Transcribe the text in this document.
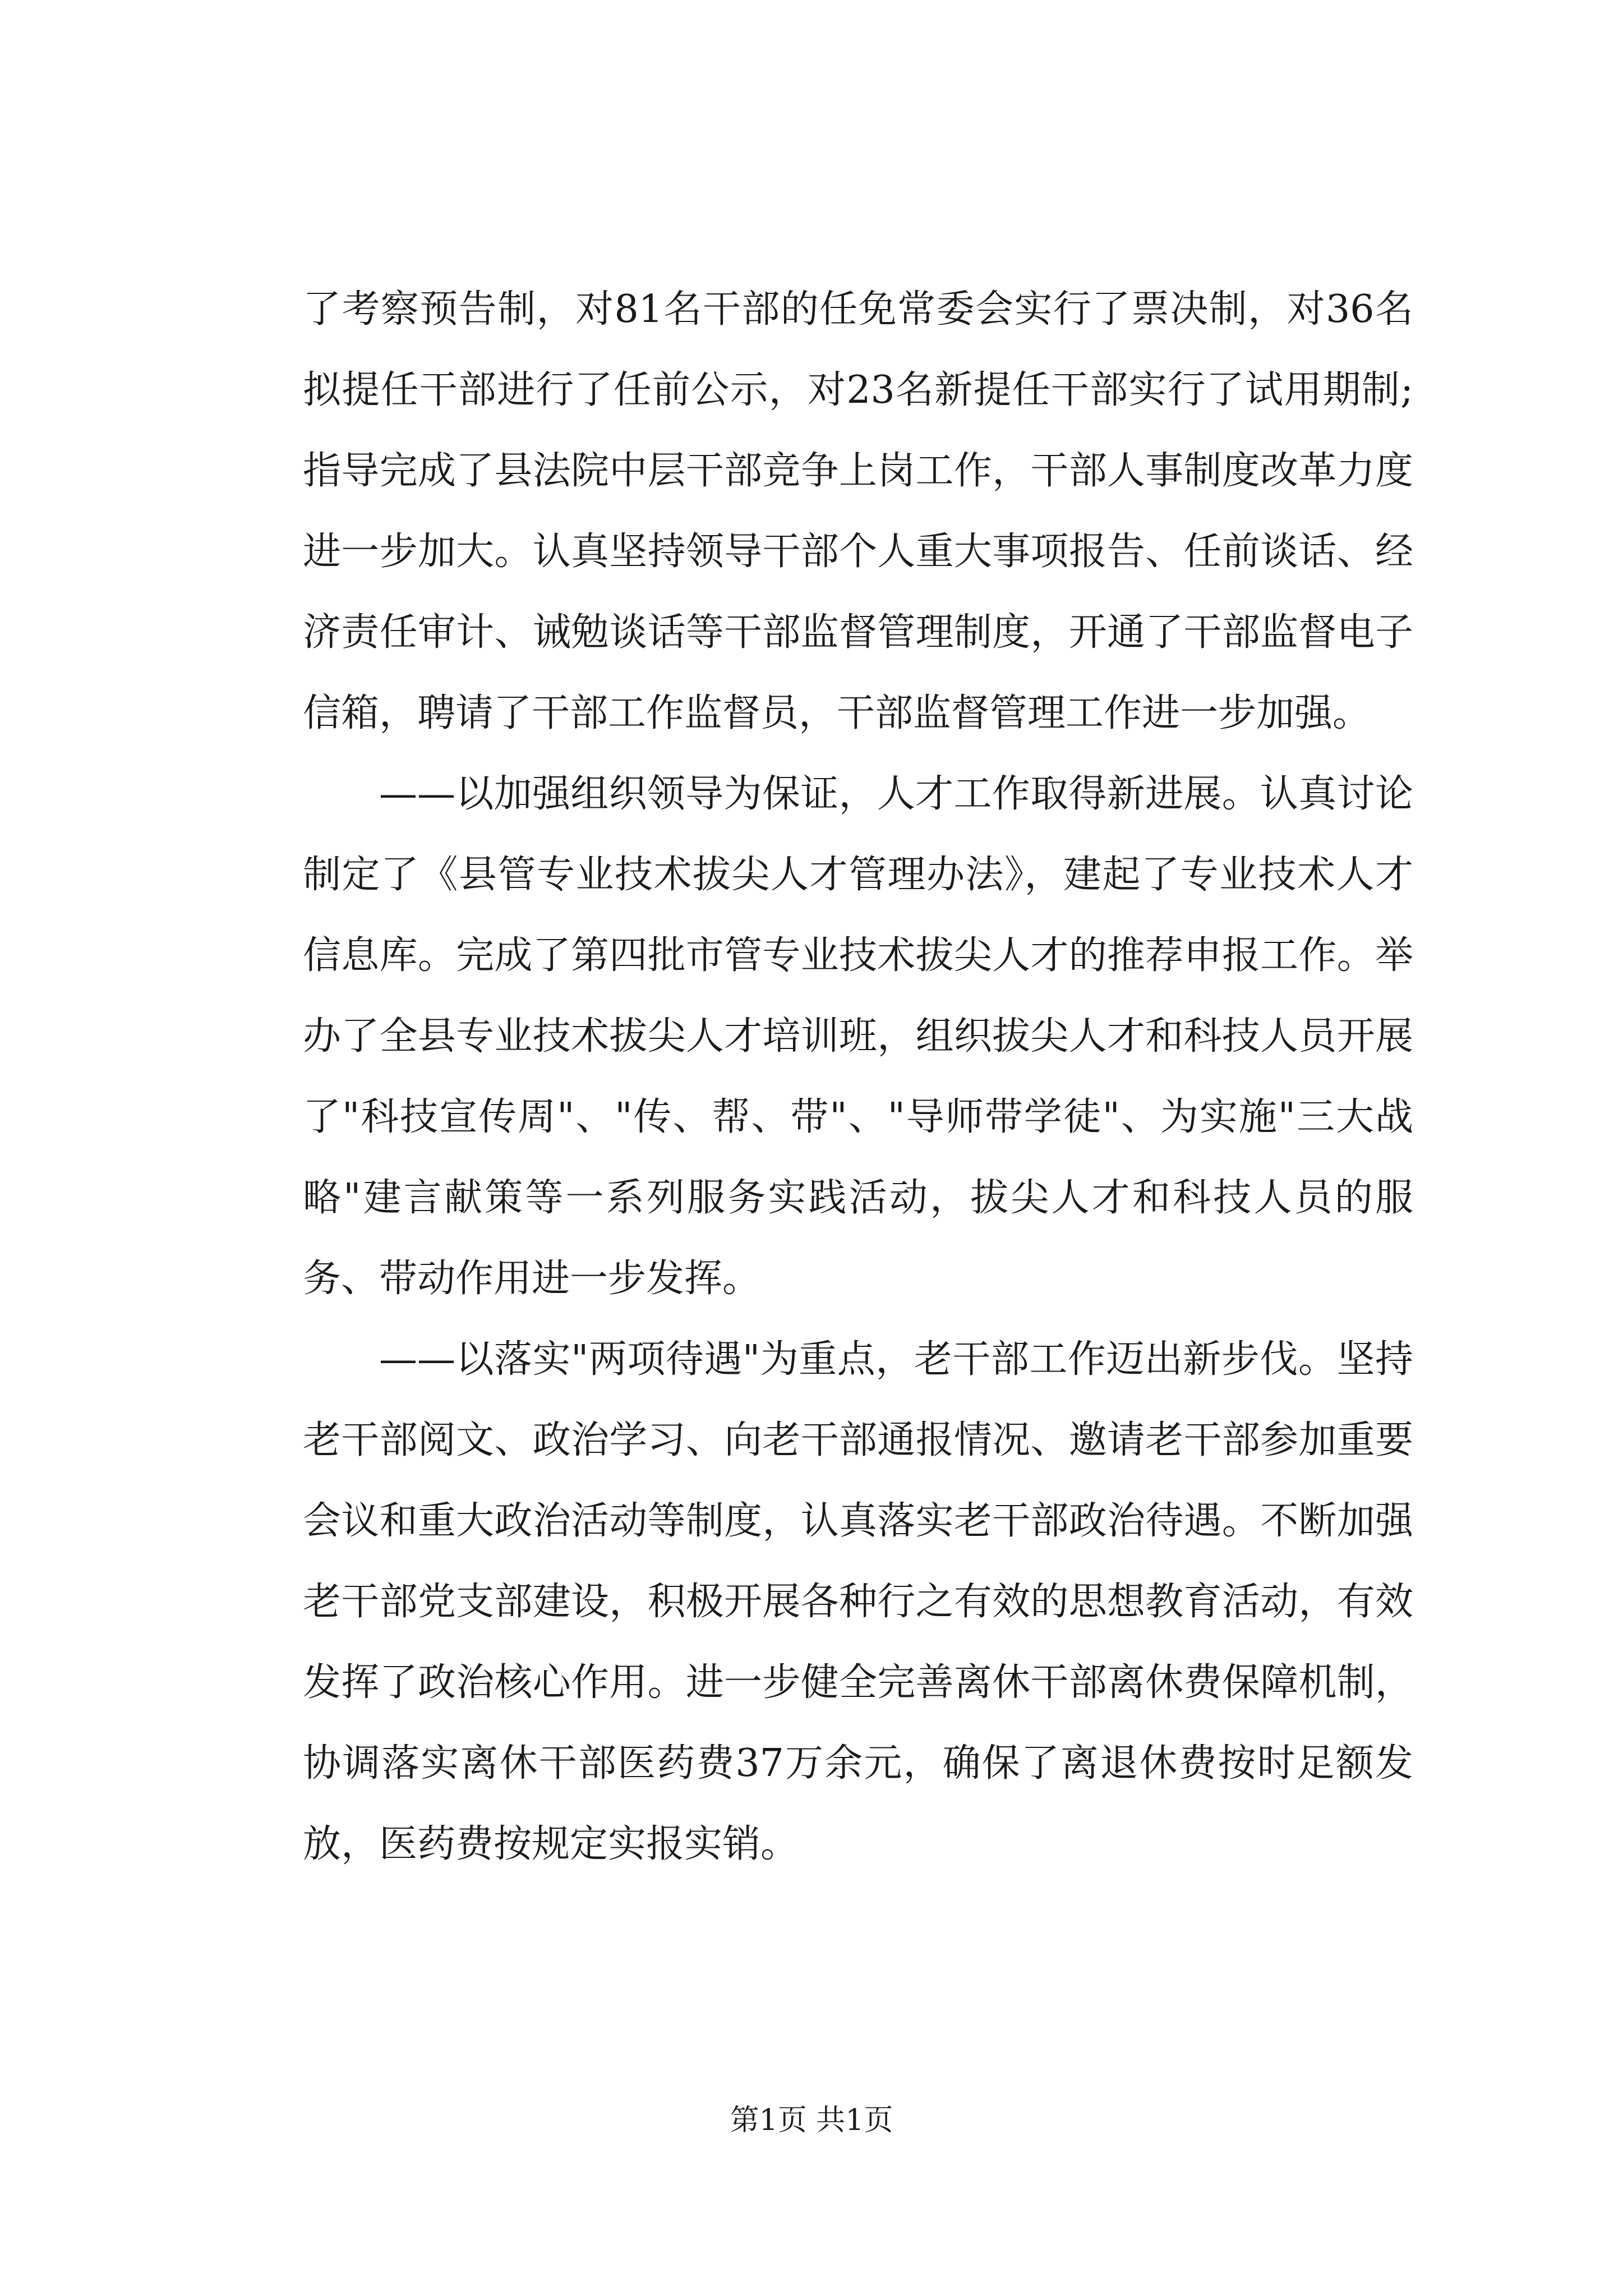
了考察预告制，对81名干部的任免常委会实行了票决制，对36名拟提任干部进行了任前公示，对23名新提任干部实行了试用期制;指导完成了县法院中层干部竞争上岗工作，干部人事制度改革力度进一步加大。认真坚持领导干部个人重大事项报告、任前谈话、经济责任审计、诫勉谈话等干部监督管理制度，开通了干部监督电子信箱，聘请了干部工作监督员，干部监督管理工作进一步加强。

——以加强组织领导为保证，人才工作取得新进展。认真讨论制定了《县管专业技术拔尖人才管理办法》，建起了专业技术人才信息库。完成了第四批市管专业技术拔尖人才的推荐申报工作。举办了全县专业技术拔尖人才培训班，组织拔尖人才和科技人员开展了"科技宣传周"、"传、帮、带"、"导师带学徒"、为实施"三大战略"建言献策等一系列服务实践活动，拔尖人才和科技人员的服务、带动作用进一步发挥。

——以落实"两项待遇"为重点，老干部工作迈出新步伐。坚持老干部阅文、政治学习、向老干部通报情况、邀请老干部参加重要会议和重大政治活动等制度，认真落实老干部政治待遇。不断加强老干部党支部建设，积极开展各种行之有效的思想教育活动，有效发挥了政治核心作用。进一步健全完善离休干部离休费保障机制，协调落实离休干部医药费37万余元，确保了离退休费按时足额发放，医药费按规定实报实销。

第1页 共1页
